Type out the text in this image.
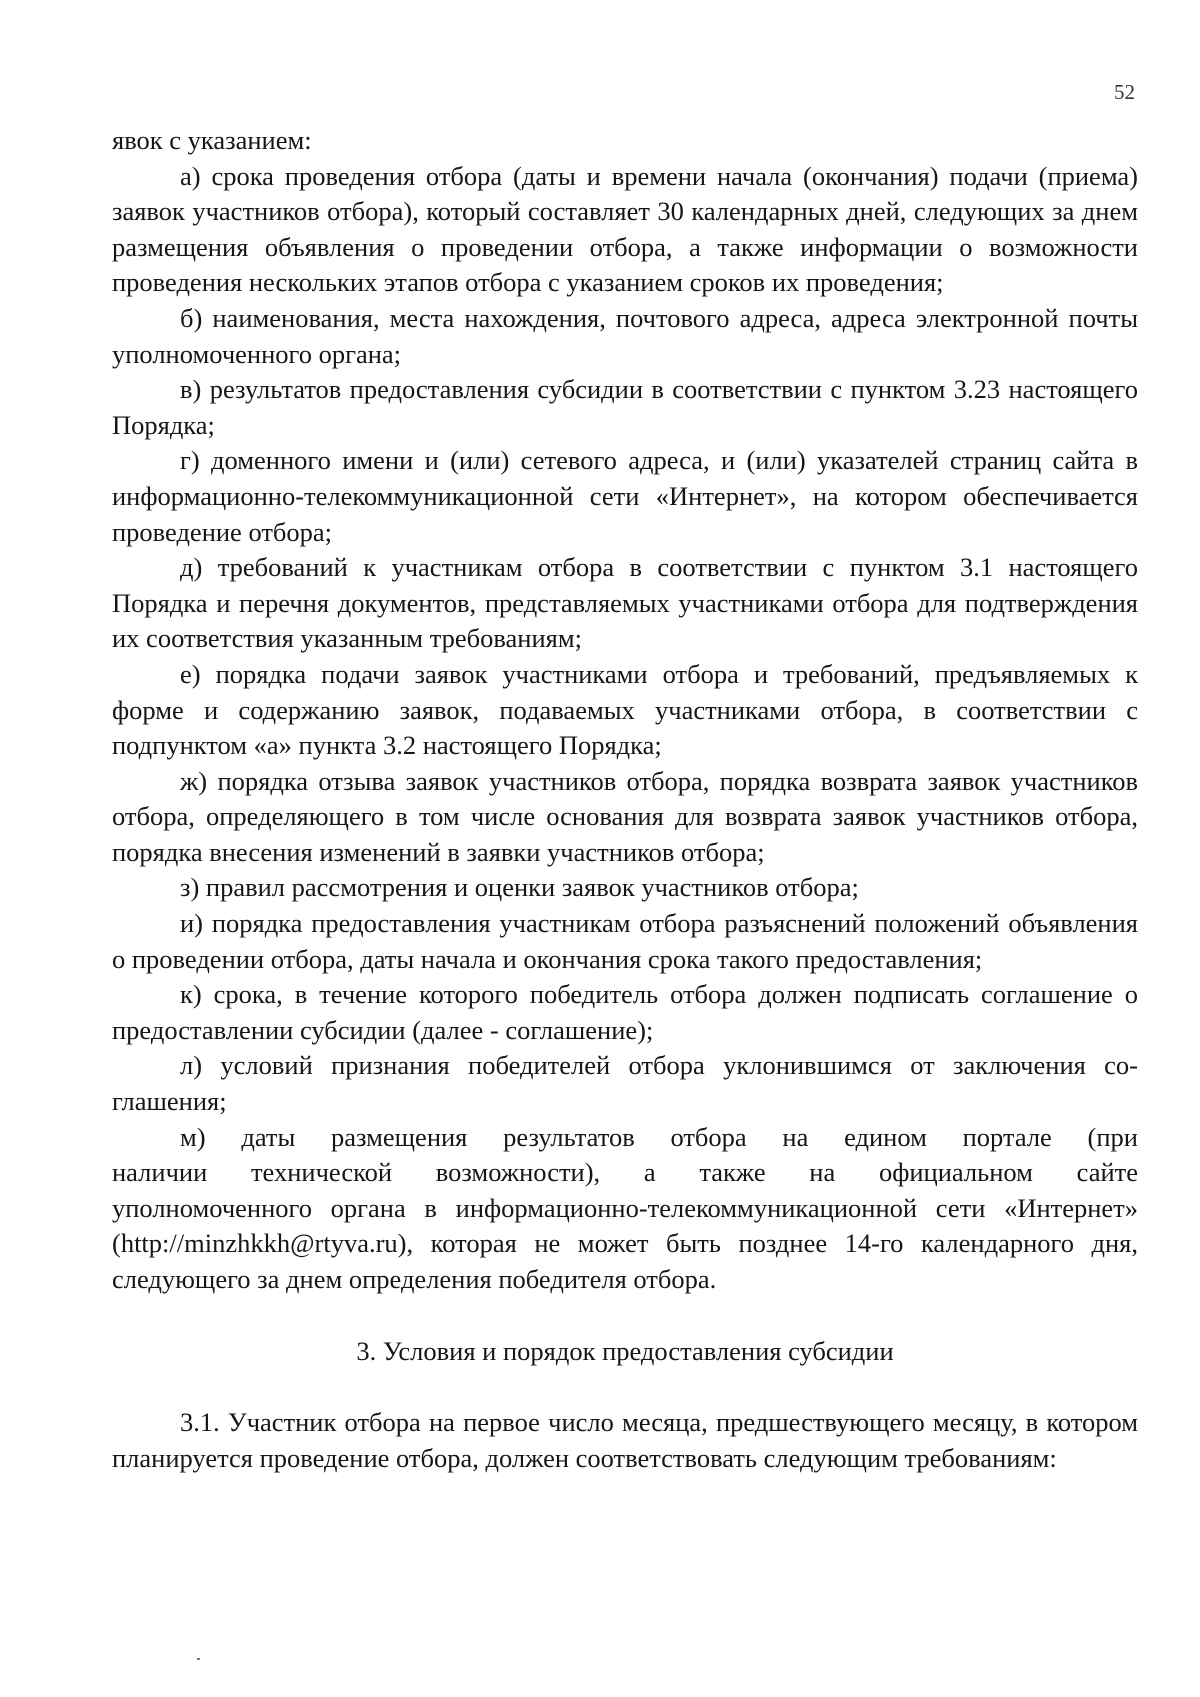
52

явок с указанием:

а) срока проведения отбора (даты и времени начала (окончания) подачи (приема) заявок участников отбора), который составляет 30 календарных дней, следующих за днем размещения объявления о проведении отбора, а также информации о возможности проведения нескольких этапов отбора с указанием сроков их проведения;

б) наименования, места нахождения, почтового адреса, адреса электронной почты уполномоченного органа;

в) результатов предоставления субсидии в соответствии с пунктом 3.23 настоящего Порядка;

г) доменного имени и (или) сетевого адреса, и (или) указателей страниц сайта в информационно-телекоммуникационной сети «Интернет», на котором обеспечивается проведение отбора;

д) требований к участникам отбора в соответствии с пунктом 3.1 настоящего Порядка и перечня документов, представляемых участниками отбора для подтверждения их соответствия указанным требованиям;

е) порядка подачи заявок участниками отбора и требований, предъявляемых к форме и содержанию заявок, подаваемых участниками отбора, в соответствии с подпунктом «а» пункта 3.2 настоящего Порядка;

ж) порядка отзыва заявок участников отбора, порядка возврата заявок участников отбора, определяющего в том числе основания для возврата заявок участников отбора, порядка внесения изменений в заявки участников отбора;

з) правил рассмотрения и оценки заявок участников отбора;

и) порядка предоставления участникам отбора разъяснений положений объявления о проведении отбора, даты начала и окончания срока такого предоставления;

к) срока, в течение которого победитель отбора должен подписать соглашение о предоставлении субсидии (далее - соглашение);

л) условий признания победителей отбора уклонившимся от заключения соглашения;

м) даты размещения результатов отбора на едином портале (при

наличии технической возможности), а также на официальном сайте

уполномоченного органа в информационно-телекоммуникационной сети «Интернет» (http://minzhkkh@rtyva.ru), которая не может быть позднее 14-го календарного дня, следующего за днем определения победителя отбора.

3. Условия и порядок предоставления субсидии

3.1. Участник отбора на первое число месяца, предшествующего месяцу, в котором планируется проведение отбора, должен соответствовать следующим требованиям:
